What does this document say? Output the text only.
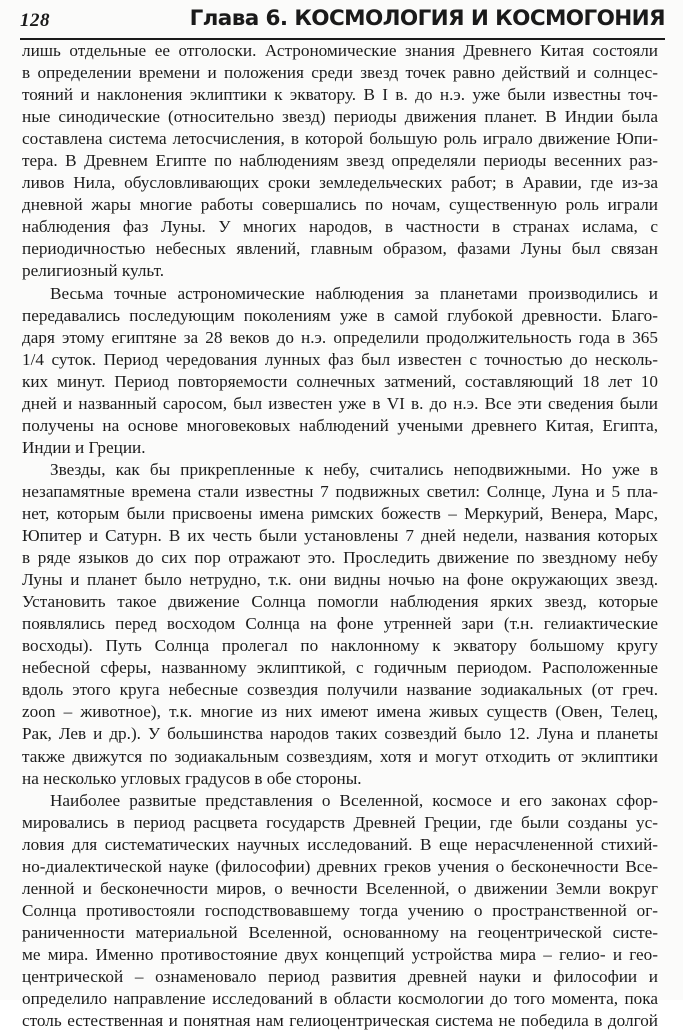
128	Глава 6. КОСМОЛОГИЯ И КОСМОГОНИЯ
лишь отдельные ее отголоски. Астрономические знания Древнего Китая состояли
в определении времени и положения среди звезд точек равно действий и солнцес-
тояний и наклонения эклиптики к экватору. В I в. до н.э. уже были известны точ-
ные синодические (относительно звезд) периоды движения планет. В Индии была
составлена система летосчисления, в которой большую роль играло движение Юпи-
тера. В Древнем Египте по наблюдениям звезд определяли периоды весенних раз-
ливов Нила, обусловливающих сроки земледельческих работ; в Аравии, где из-за
дневной жары многие работы совершались по ночам, существенную роль играли
наблюдения фаз Луны. У многих народов, в частности в странах ислама, с
периодичностью небесных явлений, главным образом, фазами Луны был связан
религиозный культ.
Весьма точные астрономические наблюдения за планетами производились и
передавались последующим поколениям уже в самой глубокой древности. Благо-
даря этому египтяне за 28 веков до н.э. определили продолжительность года в 365
1/4 суток. Период чередования лунных фаз был известен с точностью до несколь-
ких минут. Период повторяемости солнечных затмений, составляющий 18 лет 10
дней и названный саросом, был известен уже в VI в. до н.э. Все эти сведения были
получены на основе многовековых наблюдений учеными древнего Китая, Египта,
Индии и Греции.
Звезды, как бы прикрепленные к небу, считались неподвижными. Но уже в
незапамятные времена стали известны 7 подвижных светил: Солнце, Луна и 5 пла-
нет, которым были присвоены имена римских божеств – Меркурий, Венера, Марс,
Юпитер и Сатурн. В их честь были установлены 7 дней недели, названия которых
в ряде языков до сих пор отражают это. Проследить движение по звездному небу
Луны и планет было нетрудно, т.к. они видны ночью на фоне окружающих звезд.
Установить такое движение Солнца помогли наблюдения ярких звезд, которые
появлялись перед восходом Солнца на фоне утренней зари (т.н. гелиактические
восходы). Путь Солнца пролегал по наклонному к экватору большому кругу
небесной сферы, названному эклиптикой, с годичным периодом. Расположенные
вдоль этого круга небесные созвездия получили название зодиакальных (от греч.
zoon – животное), т.к. многие из них имеют имена живых существ (Овен, Телец,
Рак, Лев и др.). У большинства народов таких созвездий было 12. Луна и планеты
также движутся по зодиакальным созвездиям, хотя и могут отходить от эклиптики
на несколько угловых градусов в обе стороны.
Наиболее развитые представления о Вселенной, космосе и его законах сфор-
мировались в период расцвета государств Древней Греции, где были созданы ус-
ловия для систематических научных исследований. В еще нерасчлененной стихий-
но-диалектической науке (философии) древних греков учения о бесконечности Все-
ленной и бесконечности миров, о вечности Вселенной, о движении Земли вокруг
Солнца противостояли господствовавшему тогда учению о пространственной ог-
раниченности материальной Вселенной, основанному на геоцентрической систе-
ме мира. Именно противостояние двух концепций устройства мира – гелио- и гео-
центрической – ознаменовало период развития древней науки и философии и
определило направление исследований в области космологии до того момента, пока
столь естественная и понятная нам гелиоцентрическая система не победила в долгой
